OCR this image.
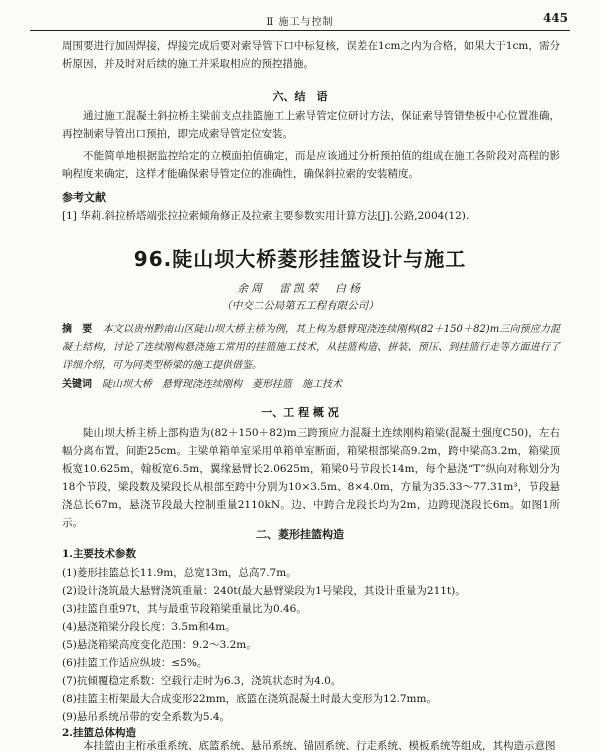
Ⅱ 施工与控制	445
周围要进行加固焊接，焊接完成后要对索导管下口中标复核，误差在1cm之内为合格，如果大于1cm，需分析原因，并及时对后续的施工并采取相应的预控措施。
六、结　语
通过施工混凝土斜拉桥主梁前支点挂篮施工上索导管定位研讨方法，保证索导管错垫板中心位置准确，再控制索导管出口预拍，即完成索导管定位安装。
不能简单地根据监控给定的立模面拍值确定，而是应该通过分析预拍值的组成在施工各阶段对高程的影响程度来确定，这样才能确保索导管定位的准确性，确保斜拉索的安装精度。
参考文献
[1] 华莉.斜拉桥塔端张拉拉索倾角修正及拉索主要参数实用计算方法[J].公路,2004(12).
96.陡山坝大桥菱形挂篮设计与施工
余周　雷凯荣　白杨
（中交二公局第五工程有限公司）
摘　要　 本文以贵州黔南山区陡山坝大桥主桥为例，其上构为悬臂现浇连续刚构(82＋150＋82)m三向预应力混凝土结构，讨论了连续刚构悬浇施工常用的挂篮施工技术，从挂篮构造、拼装、预压、到挂篮行走等方面进行了详细介绍，可为同类型桥梁的施工提供借鉴。
关键词　 陡山坝大桥　悬臂现浇连续刚构　菱形挂篮　施工技术
一、工 程 概 况
陡山坝大桥主桥上部构造为(82＋150＋82)m三跨预应力混凝土连续刚构箱梁(混凝土强度C50)，左右幅分离布置，间距25cm。主梁单箱单室采用单箱单室断面，箱梁根部梁高9.2m，跨中梁高3.2m，箱梁顶板宽10.625m，翰板宽6.5m，翼缘悬臂长2.0625m，箱梁0号节段长14m，每个悬浇“T”纵向对称划分为18个节段，梁段数及梁段长从根部至跨中分别为10×3.5m、8×4.0m，方量为35.33～77.31m³，节段悬浇总长67m，悬浇节段最大控制重量2110kN。边、中跨合龙段长均为2m，边跨现浇段长6m。如图1所示。
二、菱形挂篮构造
1.主要技术参数
(1)菱形挂篮总长11.9m，总宽13m，总高7.7m。
(2)设计浇筑最大悬臂浇筑重量：240t(最大悬臂梁段为1号梁段，其设计重量为211t)。
(3)挂篮自重97t，其与最重节段箱梁重量比为0.46。
(4)悬浇箱梁分段长度：3.5m和4m。
(5)悬浇箱梁高度变化范围：9.2～3.2m。
(6)挂篮工作适应纵坡：≤5%。
(7)抗倾覆稳定系数：空载行走时为6.3，浇筑状态时为4.0。
(8)挂篮主桁架最大合成变形22mm，底篮在浇筑混凝土时最大变形为12.7mm。
(9)悬吊系统吊带的安全系数为5.4。
2.挂篮总体构造
本挂篮由主桁承重系统、底篮系统、悬吊系统、锚固系统、行走系统、模板系统等组成，其构造示意图
